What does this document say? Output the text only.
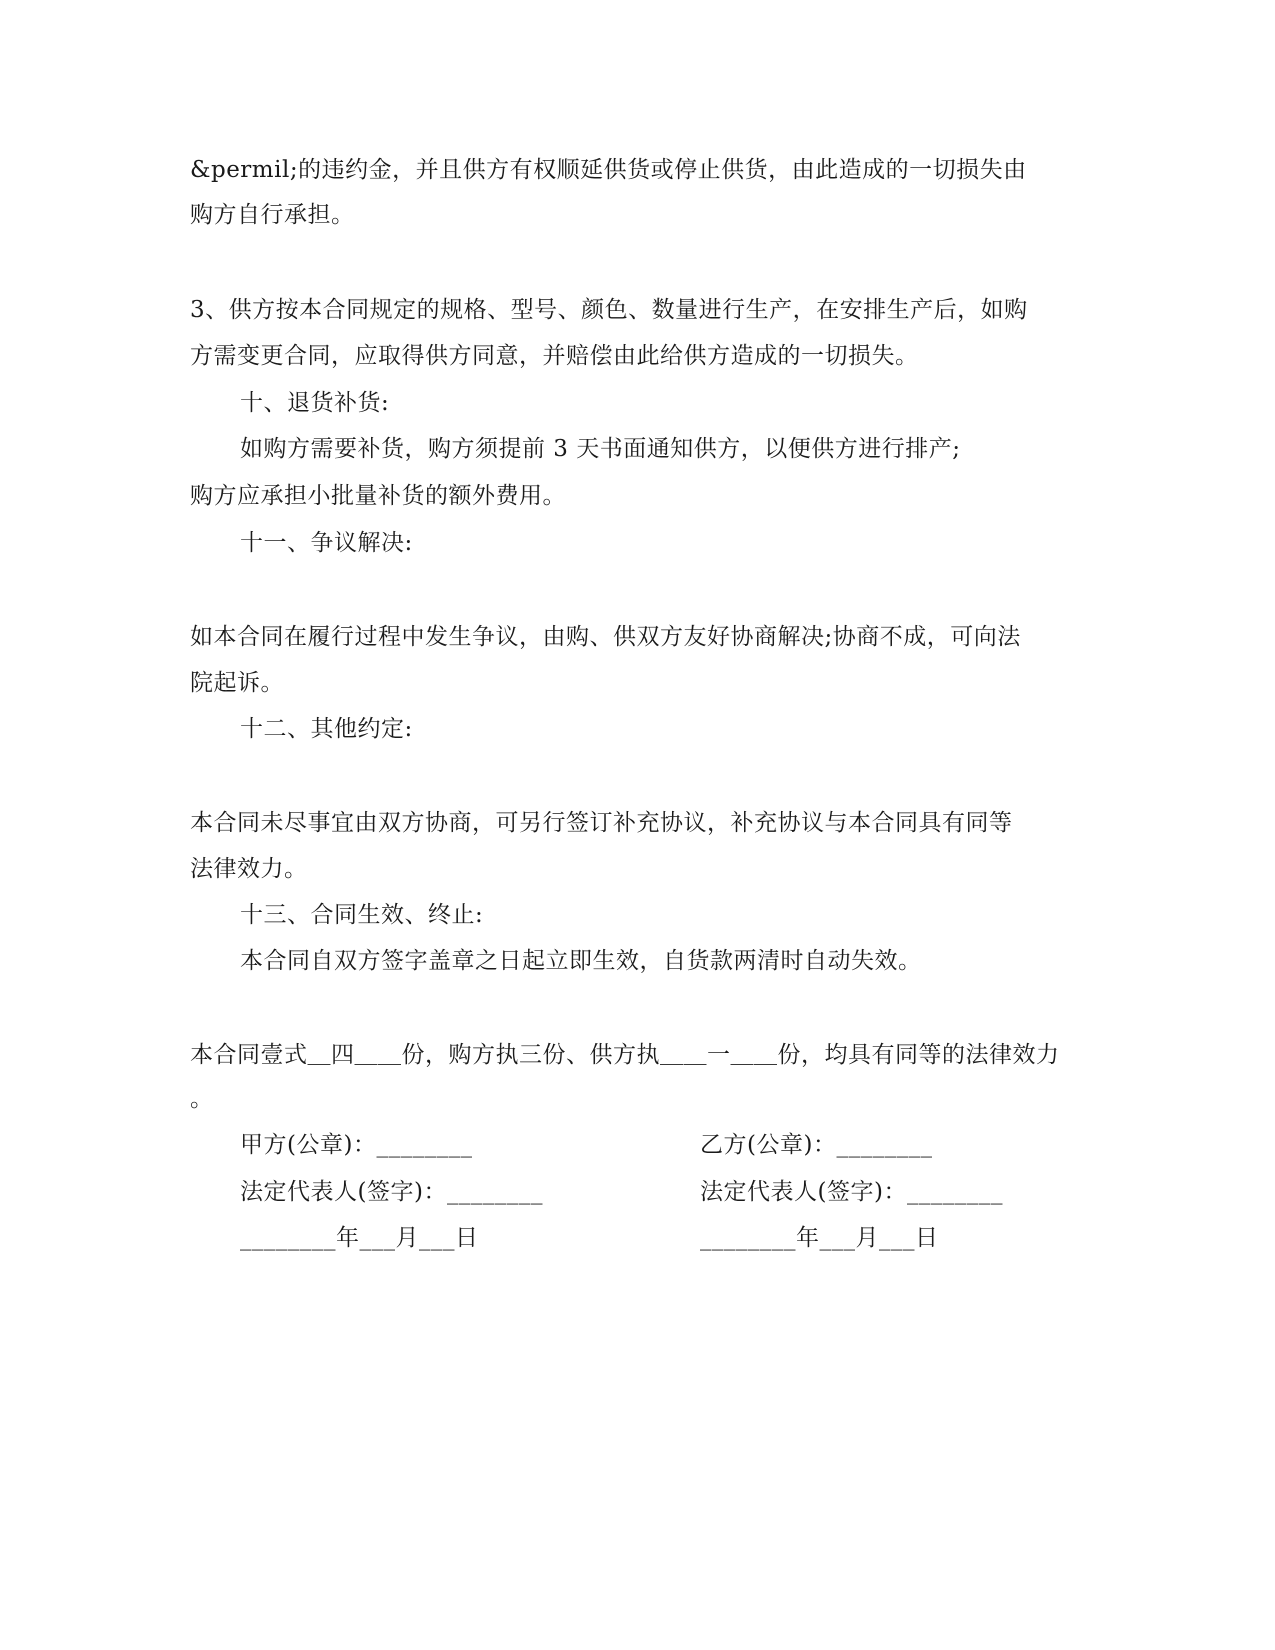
&permil;的违约金，并且供方有权顺延供货或停止供货，由此造成的一切损失由
购方自行承担。
3、供方按本合同规定的规格、型号、颜色、数量进行生产，在安排生产后，如购
方需变更合同，应取得供方同意，并赔偿由此给供方造成的一切损失。
十、退货补货:
如购方需要补货，购方须提前 3 天书面通知供方，以便供方进行排产;
购方应承担小批量补货的额外费用。
十一、争议解决:
如本合同在履行过程中发生争议，由购、供双方友好协商解决;协商不成，可向法
院起诉。
十二、其他约定:
本合同未尽事宜由双方协商，可另行签订补充协议，补充协议与本合同具有同等
法律效力。
十三、合同生效、终止:
本合同自双方签字盖章之日起立即生效，自货款两清时自动失效。
本合同壹式＿四＿＿份，购方执三份、供方执＿＿一＿＿份，均具有同等的法律效力
。
甲方(公章)：________	乙方(公章)：________
法定代表人(签字)：________	法定代表人(签字)：________
________年___月___日	________年___月___日
